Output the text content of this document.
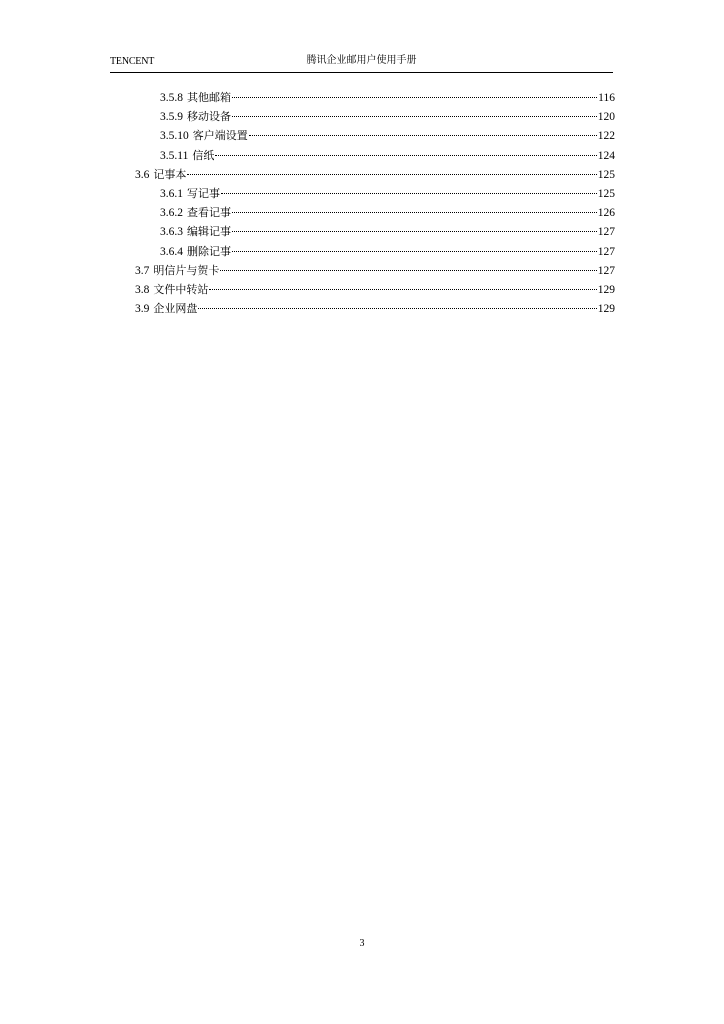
TENCENT	腾讯企业邮用户使用手册
3.5.8 其他邮箱	116
3.5.9 移动设备	120
3.5.10 客户端设置	122
3.5.11 信纸	124
3.6 记事本	125
3.6.1 写记事	125
3.6.2 查看记事	126
3.6.3 编辑记事	127
3.6.4 删除记事	127
3.7 明信片与贺卡	127
3.8 文件中转站	129
3.9 企业网盘	129
3
